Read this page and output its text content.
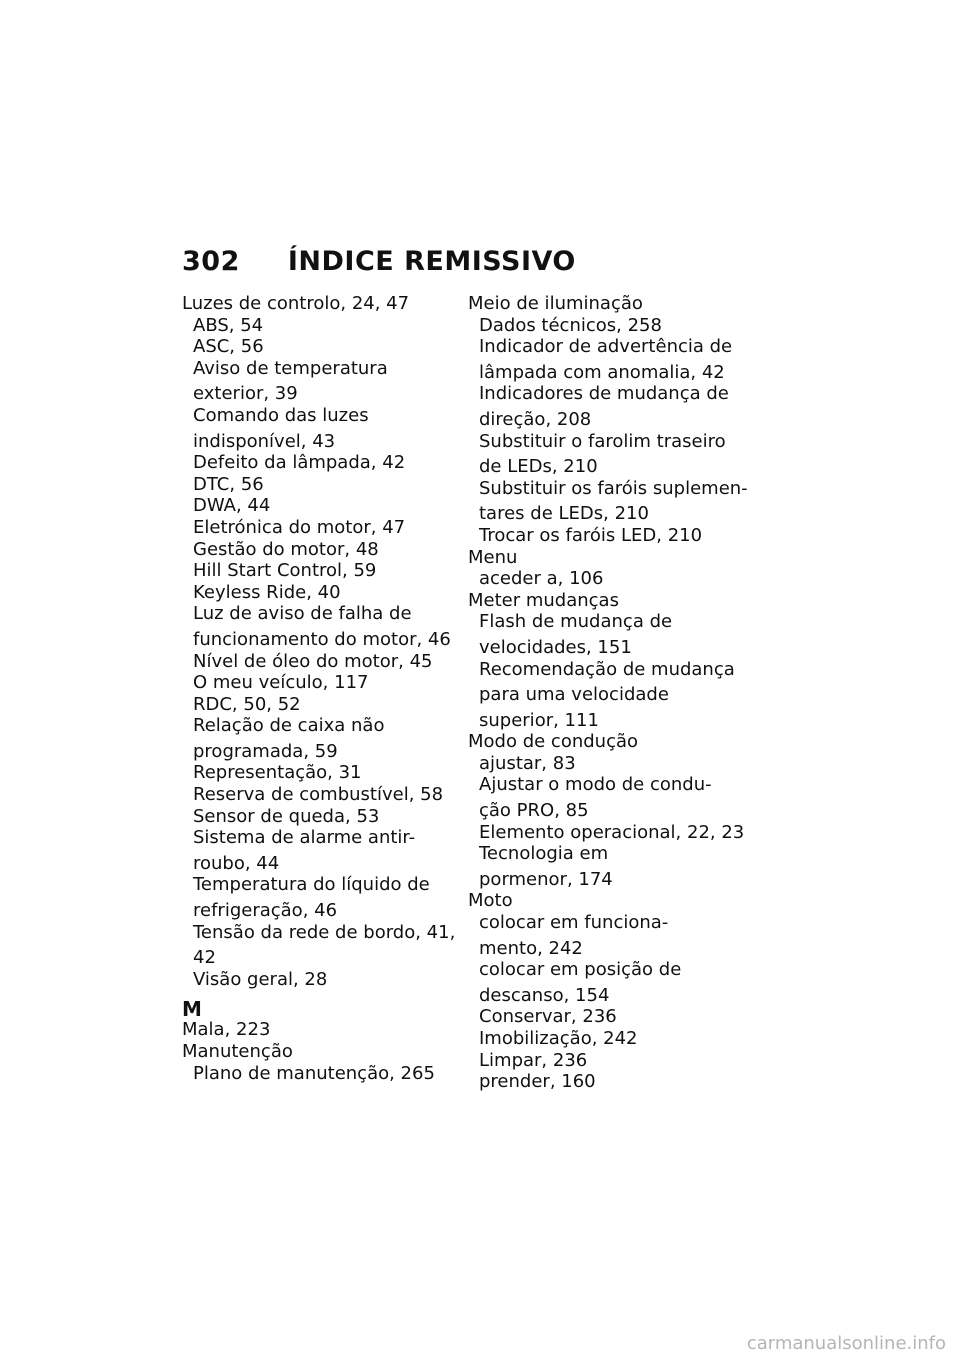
302 ÍNDICE REMISSIVO
Luzes de controlo, 24, 47
ABS, 54
ASC, 56
Aviso de temperatura
exterior, 39
Comando das luzes
indisponível, 43
Defeito da lâmpada, 42
DTC, 56
DWA, 44
Eletrónica do motor, 47
Gestão do motor, 48
Hill Start Control, 59
Keyless Ride, 40
Luz de aviso de falha de
funcionamento do motor, 46
Nível de óleo do motor, 45
O meu veículo, 117
RDC, 50, 52
Relação de caixa não
programada, 59
Representação, 31
Reserva de combustível, 58
Sensor de queda, 53
Sistema de alarme antir-
roubo, 44
Temperatura do líquido de
refrigeração, 46
Tensão da rede de bordo, 41,
42
Visão geral, 28
M
Mala, 223
Manutenção
Plano de manutenção, 265
Meio de iluminação
Dados técnicos, 258
Indicador de advertência de
lâmpada com anomalia, 42
Indicadores de mudança de
direção, 208
Substituir o farolim traseiro
de LEDs, 210
Substituir os faróis suplemen-
tares de LEDs, 210
Trocar os faróis LED, 210
Menu
aceder a, 106
Meter mudanças
Flash de mudança de
velocidades, 151
Recomendação de mudança
para uma velocidade
superior, 111
Modo de condução
ajustar, 83
Ajustar o modo de condu-
ção PRO, 85
Elemento operacional, 22, 23
Tecnologia em
pormenor, 174
Moto
colocar em funciona-
mento, 242
colocar em posição de
descanso, 154
Conservar, 236
Imobilização, 242
Limpar, 236
prender, 160
carmanualsonline.info
